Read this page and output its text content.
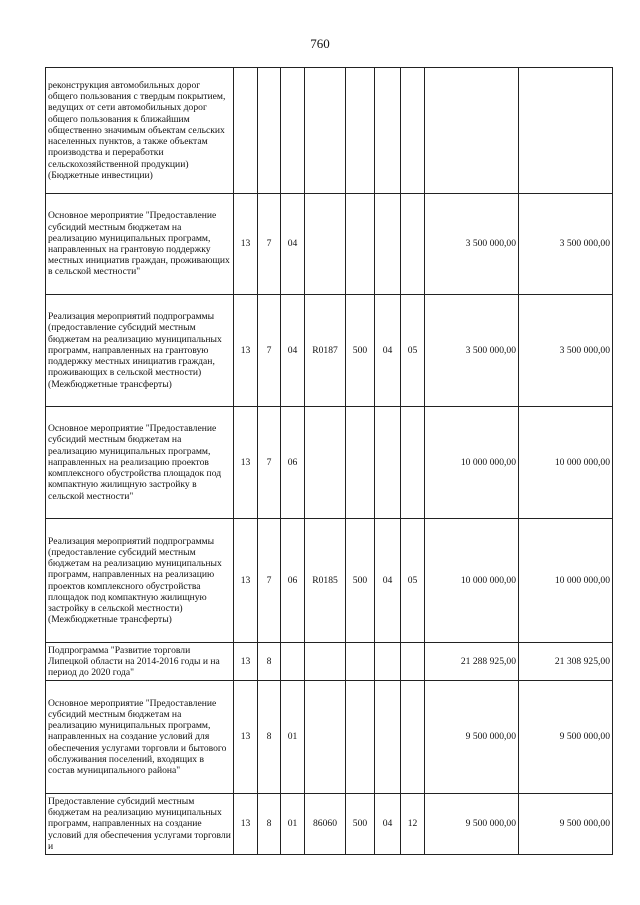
760
реконструкция автомобильных дорог общего пользования с твердым покрытием, ведущих от сети автомобильных дорог общего пользования к ближайшим общественно значимым объектам сельских населенных пунктов, а также объектам производства и переработки сельскохозяйственной продукции) (Бюджетные инвестиции)									
Основное мероприятие "Предоставление субсидий местным бюджетам на реализацию муниципальных программ, направленных на грантовую поддержку местных инициатив граждан, проживающих в сельской местности"	13	7	04					3 500 000,00	3 500 000,00
Реализация мероприятий подпрограммы (предоставление субсидий местным бюджетам на реализацию муниципальных программ, направленных на грантовую поддержку местных инициатив граждан, проживающих в сельской местности) (Межбюджетные трансферты)	13	7	04	R0187	500	04	05	3 500 000,00	3 500 000,00
Основное мероприятие "Предоставление субсидий местным бюджетам на реализацию муниципальных программ, направленных на реализацию проектов комплексного обустройства площадок под компактную жилищную застройку в сельской местности"	13	7	06					10 000 000,00	10 000 000,00
Реализация мероприятий подпрограммы (предоставление субсидий местным бюджетам на реализацию муниципальных программ, направленных на реализацию проектов комплексного обустройства площадок под компактную жилищную застройку в сельской местности) (Межбюджетные трансферты)	13	7	06	R0185	500	04	05	10 000 000,00	10 000 000,00
Подпрограмма "Развитие торговли Липецкой области на 2014-2016 годы и на период до 2020 года"	13	8						21 288 925,00	21 308 925,00
Основное мероприятие "Предоставление субсидий местным бюджетам на реализацию муниципальных программ, направленных на создание условий для обеспечения услугами торговли и бытового обслуживания поселений, входящих в состав муниципального района"	13	8	01					9 500 000,00	9 500 000,00
Предоставление субсидий местным бюджетам на реализацию муниципальных программ, направленных на создание условий для обеспечения услугами торговли и	13	8	01	86060	500	04	12	9 500 000,00	9 500 000,00
